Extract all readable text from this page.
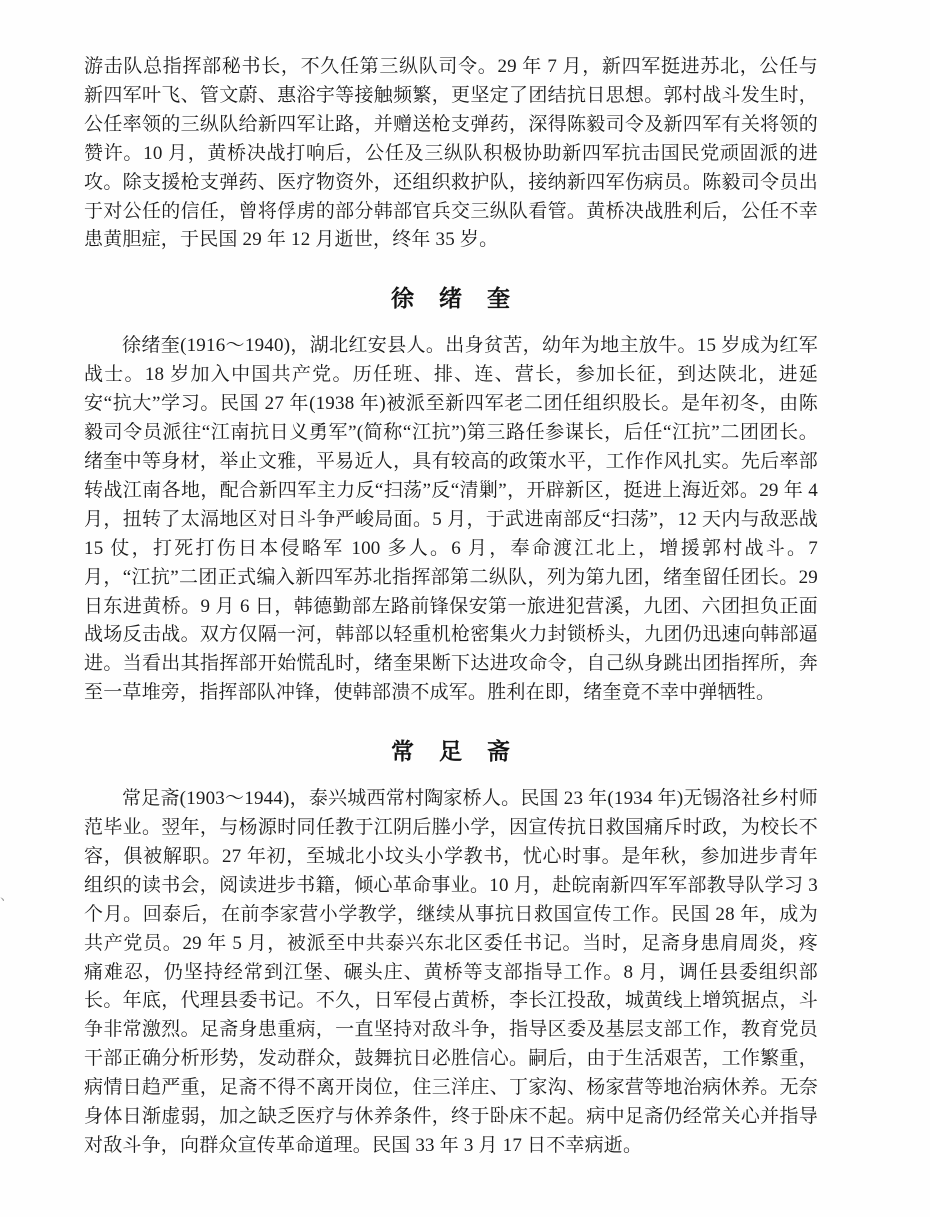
游击队总指挥部秘书长，不久任第三纵队司令。29 年 7 月，新四军挺进苏北，公任与新四军叶飞、管文蔚、惠浴宇等接触频繁，更坚定了团结抗日思想。郭村战斗发生时，公任率领的三纵队给新四军让路，并赠送枪支弹药，深得陈毅司令及新四军有关将领的赞许。10 月，黄桥决战打响后，公任及三纵队积极协助新四军抗击国民党顽固派的进攻。除支援枪支弹药、医疗物资外，还组织救护队，接纳新四军伤病员。陈毅司令员出于对公任的信任，曾将俘虏的部分韩部官兵交三纵队看管。黄桥决战胜利后，公任不幸患黄胆症，于民国 29 年 12 月逝世，终年 35 岁。

徐　绪　奎

徐绪奎(1916～1940)，湖北红安县人。出身贫苦，幼年为地主放牛。15 岁成为红军战士。18 岁加入中国共产党。历任班、排、连、营长，参加长征，到达陕北，进延安“抗大”学习。民国 27 年(1938 年)被派至新四军老二团任组织股长。是年初冬，由陈毅司令员派往“江南抗日义勇军”(简称“江抗”)第三路任参谋长，后任“江抗”二团团长。绪奎中等身材，举止文雅，平易近人，具有较高的政策水平，工作作风扎实。先后率部转战江南各地，配合新四军主力反“扫荡”反“清剿”，开辟新区，挺进上海近郊。29 年 4 月，扭转了太滆地区对日斗争严峻局面。5 月，于武进南部反“扫荡”，12 天内与敌恶战 15 仗，打死打伤日本侵略军 100 多人。6 月，奉命渡江北上，增援郭村战斗。7 月，“江抗”二团正式编入新四军苏北指挥部第二纵队，列为第九团，绪奎留任团长。29 日东进黄桥。9 月 6 日，韩德勤部左路前锋保安第一旅进犯营溪，九团、六团担负正面战场反击战。双方仅隔一河，韩部以轻重机枪密集火力封锁桥头，九团仍迅速向韩部逼进。当看出其指挥部开始慌乱时，绪奎果断下达进攻命令，自己纵身跳出团指挥所，奔至一草堆旁，指挥部队冲锋，使韩部溃不成军。胜利在即，绪奎竟不幸中弹牺牲。

常　足　斋

常足斋(1903～1944)，泰兴城西常村陶家桥人。民国 23 年(1934 年)无锡洛社乡村师范毕业。翌年，与杨源时同任教于江阴后塍小学，因宣传抗日救国痛斥时政，为校长不容，俱被解职。27 年初，至城北小坟头小学教书，忧心时事。是年秋，参加进步青年组织的读书会，阅读进步书籍，倾心革命事业。10 月，赴皖南新四军军部教导队学习 3 个月。回泰后，在前李家营小学教学，继续从事抗日救国宣传工作。民国 28 年，成为共产党员。29 年 5 月，被派至中共泰兴东北区委任书记。当时，足斋身患肩周炎，疼痛难忍，仍坚持经常到江堡、碾头庄、黄桥等支部指导工作。8 月，调任县委组织部长。年底，代理县委书记。不久，日军侵占黄桥，李长江投敌，城黄线上增筑据点，斗争非常激烈。足斋身患重病，一直坚持对敌斗争，指导区委及基层支部工作，教育党员干部正确分析形势，发动群众，鼓舞抗日必胜信心。嗣后，由于生活艰苦，工作繁重，病情日趋严重，足斋不得不离开岗位，住三洋庄、丁家沟、杨家营等地治病休养。无奈身体日渐虚弱，加之缺乏医疗与休养条件，终于卧床不起。病中足斋仍经常关心并指导对敌斗争，向群众宣传革命道理。民国 33 年 3 月 17 日不幸病逝。

、
